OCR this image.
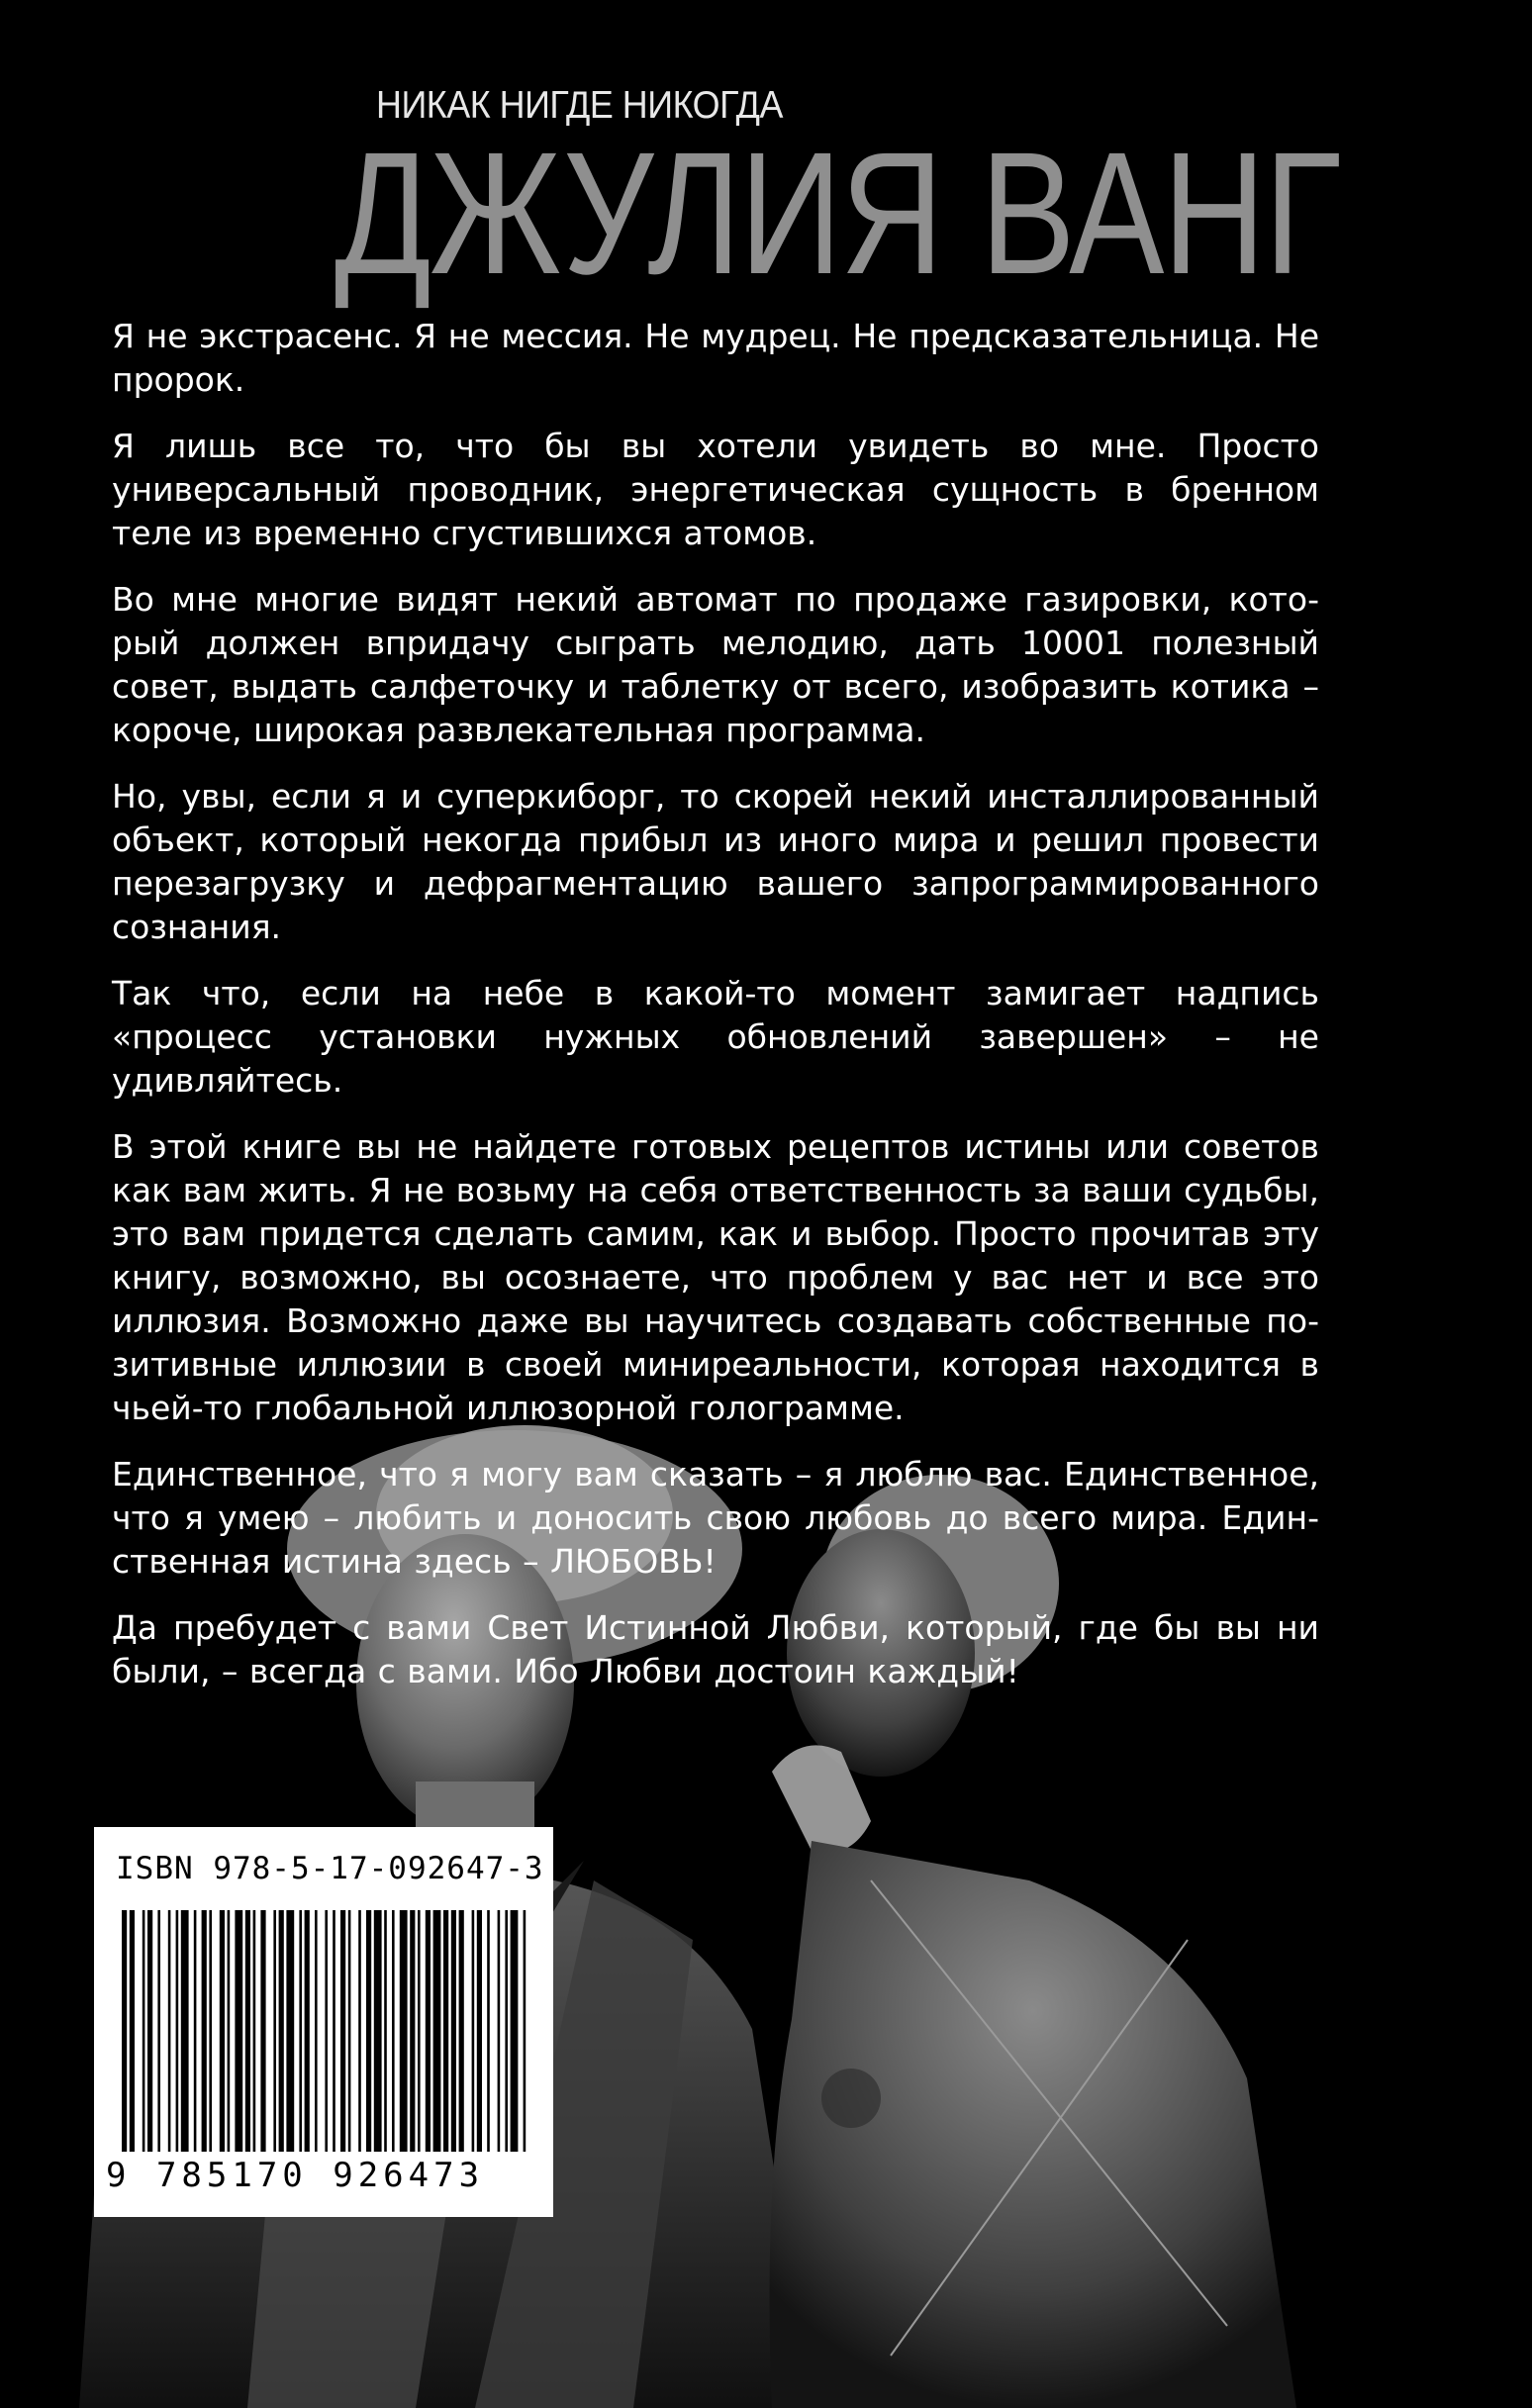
НИКАК НИГДЕ НИКОГДА
ДЖУЛИЯ ВАНГ

Я не экстрасенс. Я не мессия. Не мудрец. Не предсказательница. Не пророк.

Я лишь все то, что бы вы хотели увидеть во мне. Просто универсальный проводник, энергетическая сущность в бренном теле из временно сгустившихся атомов.

Во мне многие видят некий автомат по продаже газировки, который должен впридачу сыграть мелодию, дать 10001 полезный совет, выдать салфеточку и таблетку от всего, изобразить котика – короче, широкая развлекательная программа.

Но, увы, если я и суперкиборг, то скорей некий инсталлированный объект, который некогда прибыл из иного мира и решил провести перезагрузку и дефрагментацию вашего запрограммированного сознания.

Так что, если на небе в какой-то момент замигает надпись «процесс установки нужных обновлений завершен» – не удивляйтесь.

В этой книге вы не найдете готовых рецептов истины или советов как вам жить. Я не возьму на себя ответственность за ваши судьбы, это вам придется сделать самим, как и выбор. Просто прочитав эту книгу, возможно, вы осознаете, что проблем у вас нет и все это иллюзия. Возможно даже вы научитесь создавать собственные позитивные иллюзии в своей миниреальности, которая находится в чьей-то глобальной иллюзорной голограмме.

Единственное, что я могу вам сказать – я люблю вас. Единственное, что я умею – любить и доносить свою любовь до всего мира. Единственная истина здесь – ЛЮБОВЬ!

Да пребудет с вами Свет Истинной Любви, который, где бы вы ни были, – всегда с вами. Ибо Любви достоин каждый!

ISBN 978-5-17-092647-3
9 785170 926473
